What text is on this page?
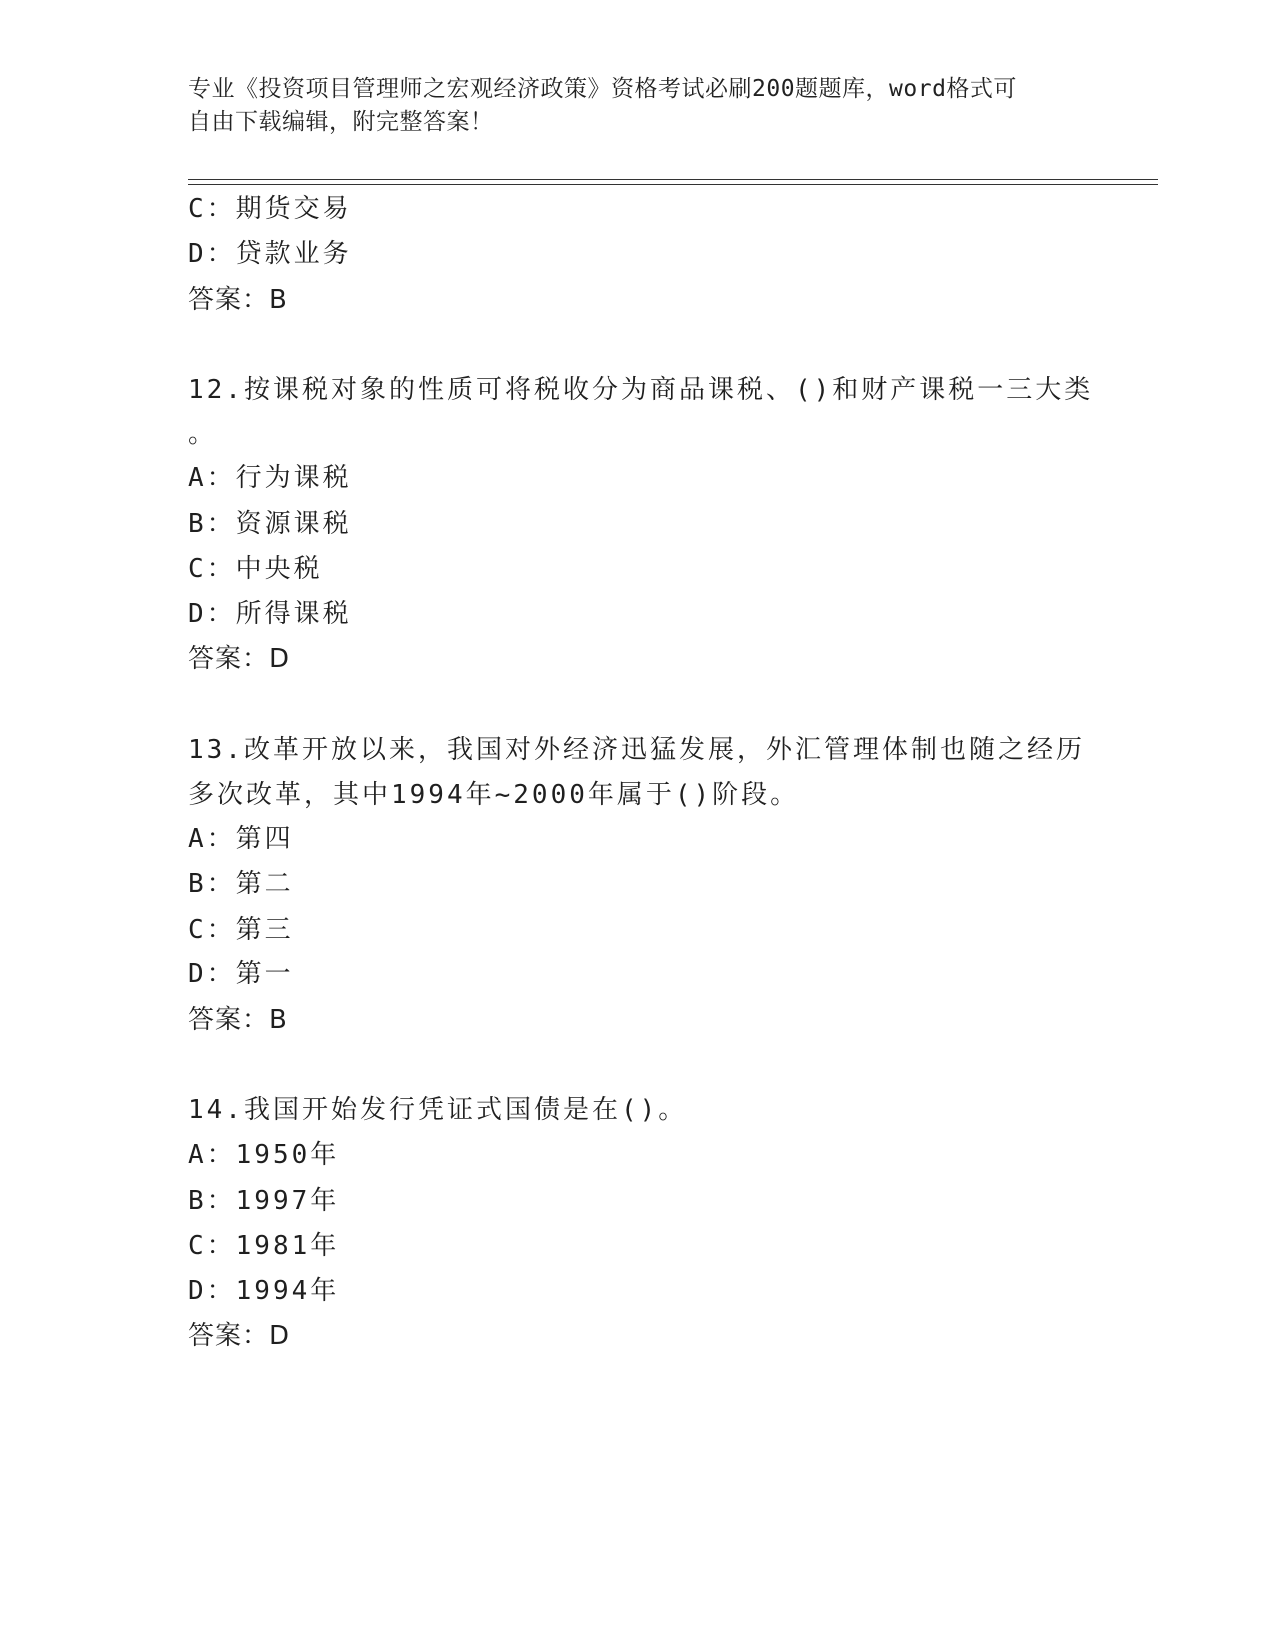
专业《投资项目管理师之宏观经济政策》资格考试必刷200题题库，word格式可
自由下载编辑，附完整答案！
C：期货交易
D：贷款业务
答案：B
12.按课税对象的性质可将税收分为商品课税、()和财产课税一三大类
。
A：行为课税
B：资源课税
C：中央税
D：所得课税
答案：D
13.改革开放以来，我国对外经济迅猛发展，外汇管理体制也随之经历
多次改革，其中1994年~2000年属于()阶段。
A：第四
B：第二
C：第三
D：第一
答案：B
14.我国开始发行凭证式国债是在()。
A：1950年
B：1997年
C：1981年
D：1994年
答案：D
